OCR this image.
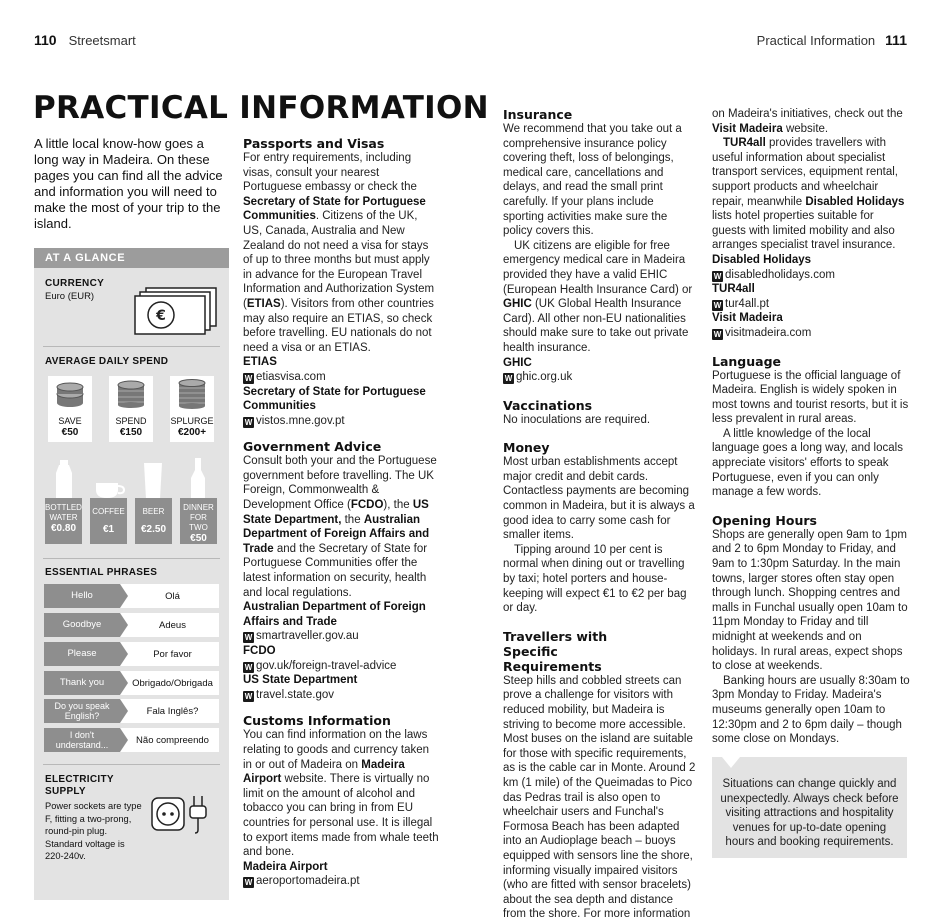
110 Streetsmart	Practical Information 111
PRACTICAL INFORMATION

A little local know-how goes a long way in Madeira. On these pages you can find all the advice and information you will need to make the most of your trip to the island.

AT A GLANCE
CURRENCY
Euro (EUR)
€
AVERAGE DAILY SPEND
SAVE
€50
SPEND
€150
SPLURGE
€200+
BOTTLED WATER
€0.80
COFFEE
€1
BEER
€2.50
DINNER FOR TWO
€50
ESSENTIAL PHRASES
Hello	Olá
Goodbye	Adeus
Please	Por favor
Thank you	Obrigado/Obrigada
Do you speak English?	Fala Inglês?
I don't understand...	Não compreendo
ELECTRICITY SUPPLY
Power sockets are type F, fitting a two-prong, round-pin plug. Standard voltage is 220-240v.
Passports and Visas

For entry requirements, including visas, consult your nearest Portuguese embassy or check the Secretary of State for Portuguese Communities. Citizens of the UK, US, Canada, Australia and New Zealand do not need a visa for stays of up to three months but must apply in advance for the European Travel Information and Authorization System (ETIAS). Visitors from other countries may also require an ETIAS, so check before travelling. EU nationals do not need a visa or an ETIAS.

ETIAS

W etiasvisa.com

Secretary of State for Portuguese Communities

W vistos.mne.gov.pt

Government Advice

Consult both your and the Portuguese government before travelling. The UK Foreign, Commonwealth & Development Office (FCDO), the US State Department, the Australian Department of Foreign Affairs and Trade and the Secretary of State for Portuguese Communities offer the latest information on security, health and local regulations.

Australian Department of Foreign Affairs and Trade

W smartraveller.gov.au

FCDO

W gov.uk/foreign-travel-advice

US State Department

W travel.state.gov

Customs Information

You can find information on the laws relating to goods and currency taken in or out of Madeira on Madeira Airport website. There is virtually no limit on the amount of alcohol and tobacco you can bring in from EU countries for personal use. It is illegal to export items made from whale teeth and bone.

Madeira Airport

W aeroportomadeira.pt

Insurance

We recommend that you take out a comprehensive insurance policy covering theft, loss of belongings, medical care, cancellations and delays, and read the small print carefully. If your plans include sporting activities make sure the policy covers this.

UK citizens are eligible for free emergency medical care in Madeira provided they have a valid EHIC (European Health Insurance Card) or GHIC (UK Global Health Insurance Card). All other non-EU nationalities should make sure to take out private health insurance.

GHIC

W ghic.org.uk

Vaccinations

No inoculations are required.

Money

Most urban establishments accept major credit and debit cards. Contactless payments are becoming common in Madeira, but it is always a good idea to carry some cash for smaller items.

Tipping around 10 per cent is normal when dining out or travelling by taxi; hotel porters and house-keeping will expect €1 to €2 per bag or day.

Travellers with Specific Requirements

Steep hills and cobbled streets can prove a challenge for visitors with reduced mobility, but Madeira is striving to become more accessible. Most buses on the island are suitable for those with specific requirements, as is the cable car in Monte. Around 2 km (1 mile) of the Queimadas to Pico das Pedras trail is also open to wheelchair users and Funchal's Formosa Beach has been adapted into an Audioplage beach – buoys equipped with sensors line the shore, informing visually impaired visitors (who are fitted with sensor bracelets) about the sea depth and distance from the shore. For more information

on Madeira's initiatives, check out the Visit Madeira website.

TUR4all provides travellers with useful information about specialist transport services, equipment rental, support products and wheelchair repair, meanwhile Disabled Holidays lists hotel properties suitable for guests with limited mobility and also arranges specialist travel insurance.

Disabled Holidays

W disabledholidays.com

TUR4all

W tur4all.pt

Visit Madeira

W visitmadeira.com

Language

Portuguese is the official language of Madeira. English is widely spoken in most towns and tourist resorts, but it is less prevalent in rural areas.

A little knowledge of the local language goes a long way, and locals appreciate visitors' efforts to speak Portuguese, even if you can only manage a few words.

Opening Hours

Shops are generally open 9am to 1pm and 2 to 6pm Monday to Friday, and 9am to 1:30pm Saturday. In the main towns, larger stores often stay open through lunch. Shopping centres and malls in Funchal usually open 10am to 11pm Monday to Friday and till midnight at weekends and on holidays. In rural areas, expect shops to close at weekends.

Banking hours are usually 8:30am to 3pm Monday to Friday. Madeira's museums generally open 10am to 12:30pm and 2 to 6pm daily – though some close on Mondays.

Situations can change quickly and unexpectedly. Always check before visiting attractions and hospitality venues for up-to-date opening hours and booking requirements.
